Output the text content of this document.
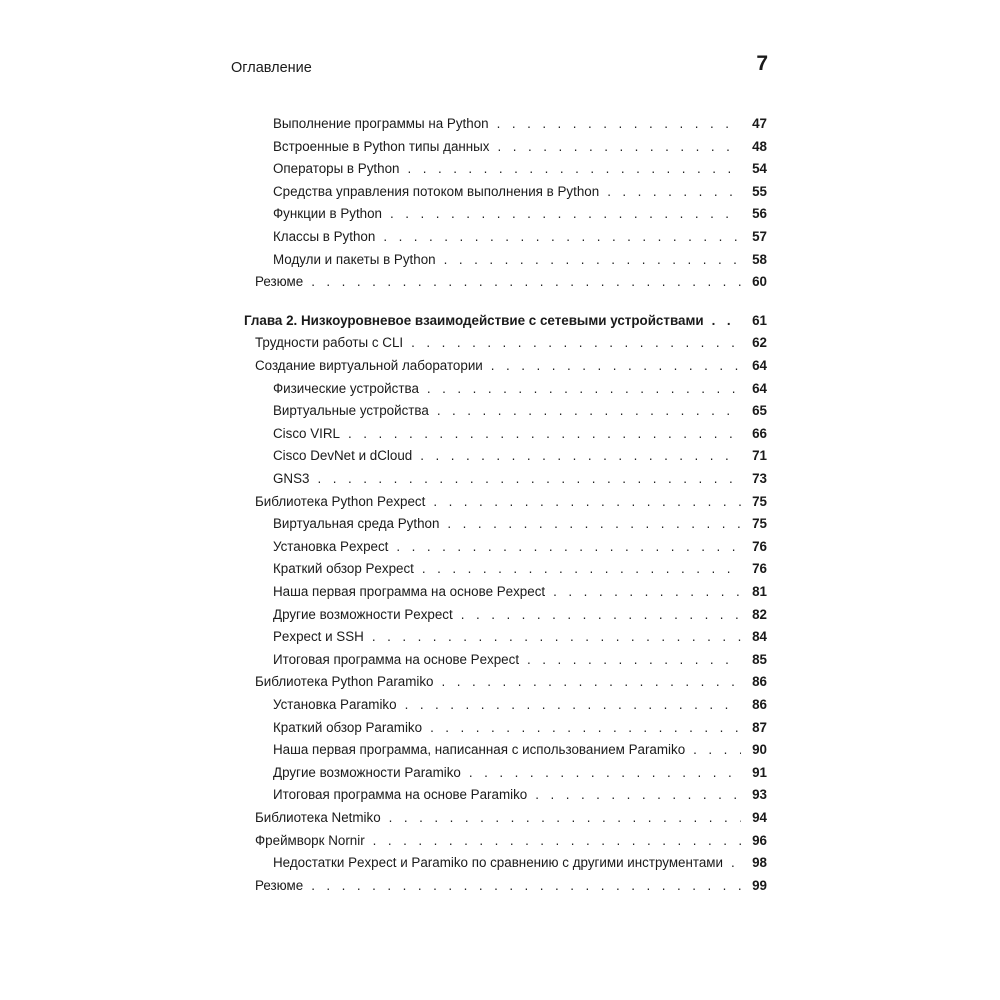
Оглавление	7
Выполнение программы на Python . . .	47
Встроенные в Python типы данных . . .	48
Операторы в Python . . .	54
Средства управления потоком выполнения в Python . . .	55
Функции в Python . . .	56
Классы в Python . . .	57
Модули и пакеты в Python . . .	58
Резюме . . .	60
Глава 2. Низкоуровневое взаимодействие с сетевыми устройствами . . .	61
Трудности работы с CLI . . .	62
Создание виртуальной лаборатории . . .	64
Физические устройства . . .	64
Виртуальные устройства . . .	65
Cisco VIRL . . .	66
Cisco DevNet и dCloud . . .	71
GNS3 . . .	73
Библиотека Python Pexpect . . .	75
Виртуальная среда Python . . .	75
Установка Pexpect . . .	76
Краткий обзор Pexpect . . .	76
Наша первая программа на основе Pexpect . . .	81
Другие возможности Pexpect . . .	82
Pexpect и SSH . . .	84
Итоговая программа на основе Pexpect . . .	85
Библиотека Python Paramiko . . .	86
Установка Paramiko . . .	86
Краткий обзор Paramiko . . .	87
Наша первая программа, написанная с использованием Paramiko . . .	90
Другие возможности Paramiko . . .	91
Итоговая программа на основе Paramiko . . .	93
Библиотека Netmiko . . .	94
Фреймворк Nornir . . .	96
Недостатки Pexpect и Paramiko по сравнению с другими инструментами . . .	98
Резюме . . .	99
